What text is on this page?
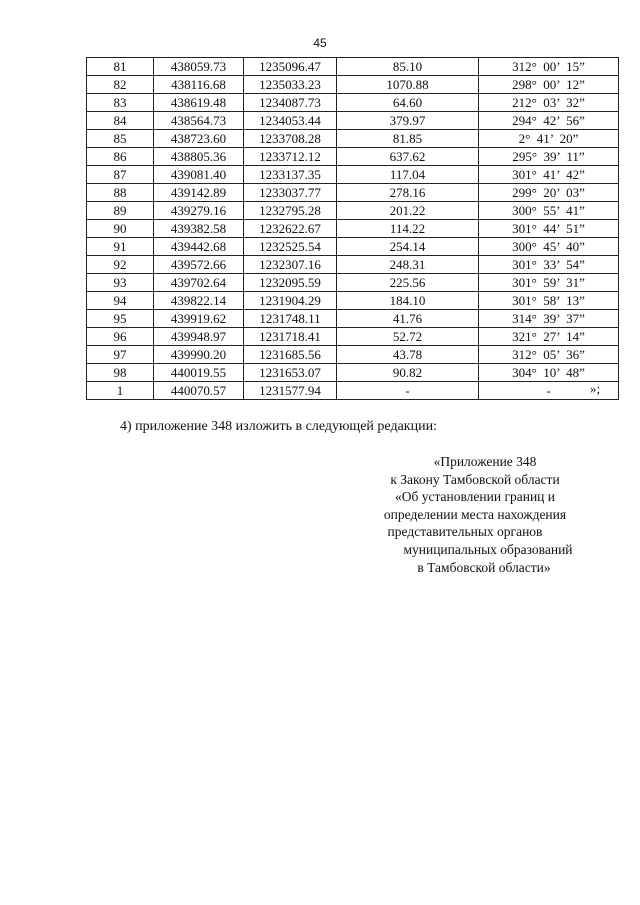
45
81	438059.73	1235096.47	85.10	312°  00’  15”
82	438116.68	1235033.23	1070.88	298°  00’  12”
83	438619.48	1234087.73	64.60	212°  03’  32”
84	438564.73	1234053.44	379.97	294°  42’  56”
85	438723.60	1233708.28	81.85	2°  41’  20”
86	438805.36	1233712.12	637.62	295°  39’  11”
87	439081.40	1233137.35	117.04	301°  41’  42”
88	439142.89	1233037.77	278.16	299°  20’  03”
89	439279.16	1232795.28	201.22	300°  55’  41”
90	439382.58	1232622.67	114.22	301°  44’  51”
91	439442.68	1232525.54	254.14	300°  45’  40”
92	439572.66	1232307.16	248.31	301°  33’  54”
93	439702.64	1232095.59	225.56	301°  59’  31”
94	439822.14	1231904.29	184.10	301°  58’  13”
95	439919.62	1231748.11	41.76	314°  39’  37”
96	439948.97	1231718.41	52.72	321°  27’  14”
97	439990.20	1231685.56	43.78	312°  05’  36”
98	440019.55	1231653.07	90.82	304°  10’  48”
1	440070.57	1231577.94	-	-	»;
4) приложение 348 изложить в следующей редакции:
«Приложение 348
к Закону Тамбовской области
«Об установлении границ и
определении места нахождения
представительных органов
муниципальных образований
в Тамбовской области»
